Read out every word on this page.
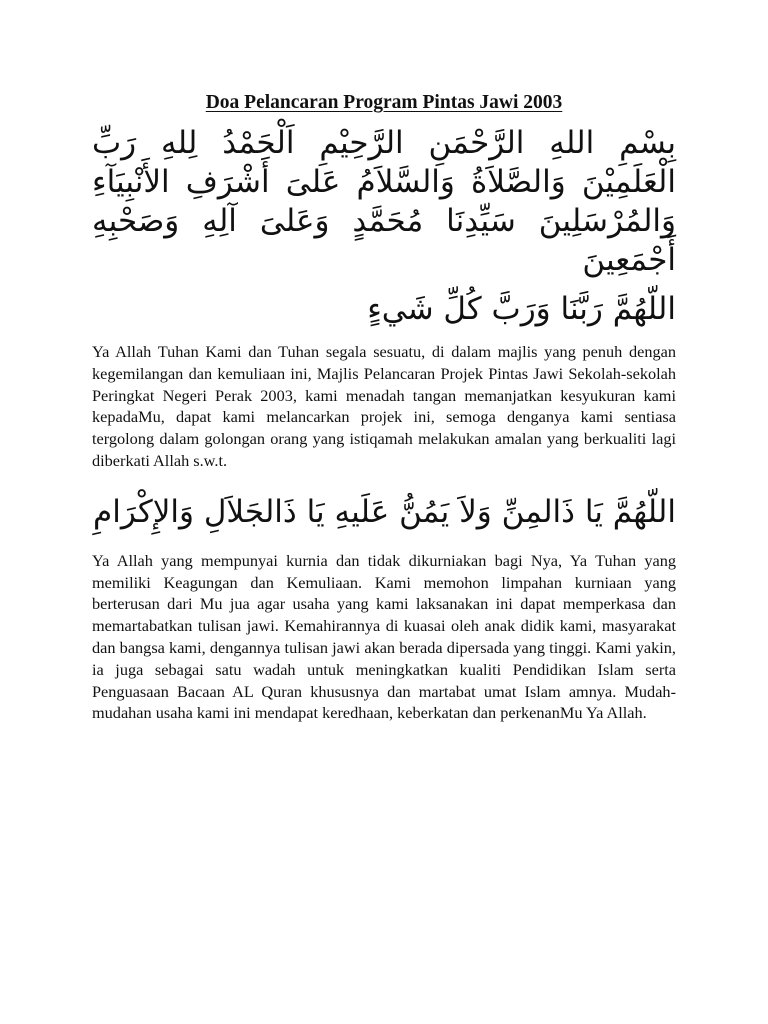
Doa Pelancaran Program Pintas Jawi 2003

بِسْمِ اللهِ الرَّحْمَنِ الرَّحِيْمِ اَلْحَمْدُ لِلهِ رَبِّ الْعَلَمِيْنَ وَالصَّلاَةُ وَالسَّلاَمُ عَلىَ أَشْرَفِ الأَنْبِيَآءِ وَالمُرْسَلِينَ سَيِّدِنَا مُحَمَّدٍ وَعَلىَ آلِهِ وَصَحْبِهِ أَجْمَعِينَ

اللّهُمَّ رَبَّنَا وَرَبَّ كُلِّ شَيءٍ

Ya Allah Tuhan Kami dan Tuhan segala sesuatu, di dalam majlis yang penuh dengan kegemilangan dan kemuliaan ini, Majlis Pelancaran Projek Pintas Jawi Sekolah-sekolah Peringkat Negeri Perak 2003, kami menadah tangan memanjatkan kesyukuran kami kepadaMu, dapat kami melancarkan projek ini, semoga denganya kami sentiasa tergolong dalam golongan orang yang istiqamah melakukan amalan yang berkualiti lagi diberkati Allah s.w.t.

اللّهُمَّ يَا ذَالمِنِّ وَلاَ يَمُنُّ عَلَيهِ يَا ذَالجَلاَلِ وَالإِكْرَامِ

Ya Allah yang mempunyai kurnia dan tidak dikurniakan bagi Nya, Ya Tuhan yang memiliki Keagungan dan Kemuliaan. Kami memohon limpahan kurniaan yang berterusan dari Mu jua agar usaha yang kami laksanakan ini dapat memperkasa dan memartabatkan tulisan jawi. Kemahirannya di kuasai oleh anak didik kami, masyarakat dan bangsa kami, dengannya tulisan jawi akan berada dipersada yang tinggi. Kami yakin, ia juga sebagai satu wadah untuk meningkatkan kualiti Pendidikan Islam serta Penguasaan Bacaan AL Quran khususnya dan martabat umat Islam amnya. Mudah-mudahan usaha kami ini mendapat keredhaan, keberkatan dan perkenanMu Ya Allah.
